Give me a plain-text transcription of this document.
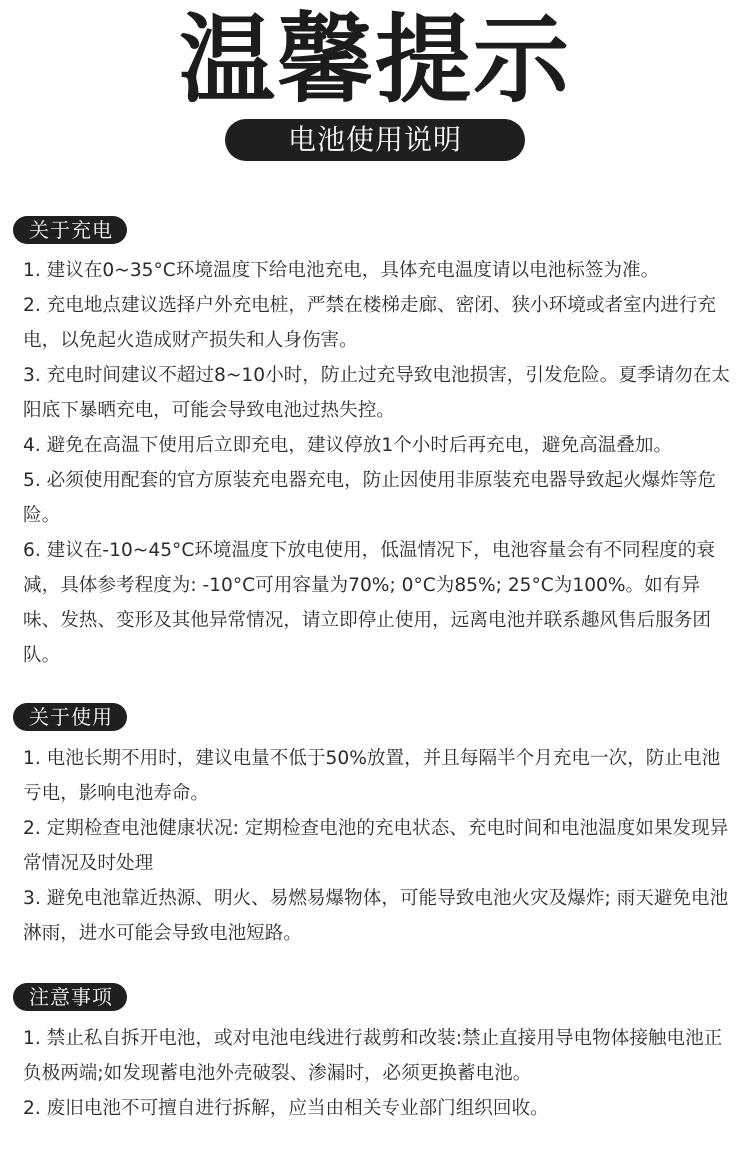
温馨提示
电池使用说明
关于充电

1. 建议在0~35°C环境温度下给电池充电，具体充电温度请以电池标签为准。

2. 充电地点建议选择户外充电桩，严禁在楼梯走廊、密闭、狭小环境或者室内进行充电，以免起火造成财产损失和人身伤害。

3. 充电时间建议不超过8~10小时，防止过充导致电池损害，引发危险。夏季请勿在太阳底下暴晒充电，可能会导致电池过热失控。

4. 避免在高温下使用后立即充电，建议停放1个小时后再充电，避免高温叠加。

5. 必须使用配套的官方原装充电器充电，防止因使用非原装充电器导致起火爆炸等危险。

6. 建议在-10~45°C环境温度下放电使用，低温情况下，电池容量会有不同程度的衰减，具体参考程度为: -10°C可用容量为70%; 0°C为85%; 25°C为100%。如有异味、发热、变形及其他异常情况，请立即停止使用，远离电池并联系趣风售后服务团队。

关于使用

1. 电池长期不用时，建议电量不低于50%放置，并且每隔半个月充电一次，防止电池亏电，影响电池寿命。

2. 定期检查电池健康状况: 定期检查电池的充电状态、充电时间和电池温度如果发现异常情况及时处理

3. 避免电池靠近热源、明火、易燃易爆物体，可能导致电池火灾及爆炸; 雨天避免电池淋雨，进水可能会导致电池短路。

注意事项

1. 禁止私自拆开电池，或对电池电线进行裁剪和改装:禁止直接用导电物体接触电池正负极两端;如发现蓄电池外壳破裂、渗漏时，必须更换蓄电池。

2. 废旧电池不可擅自进行拆解，应当由相关专业部门组织回收。
